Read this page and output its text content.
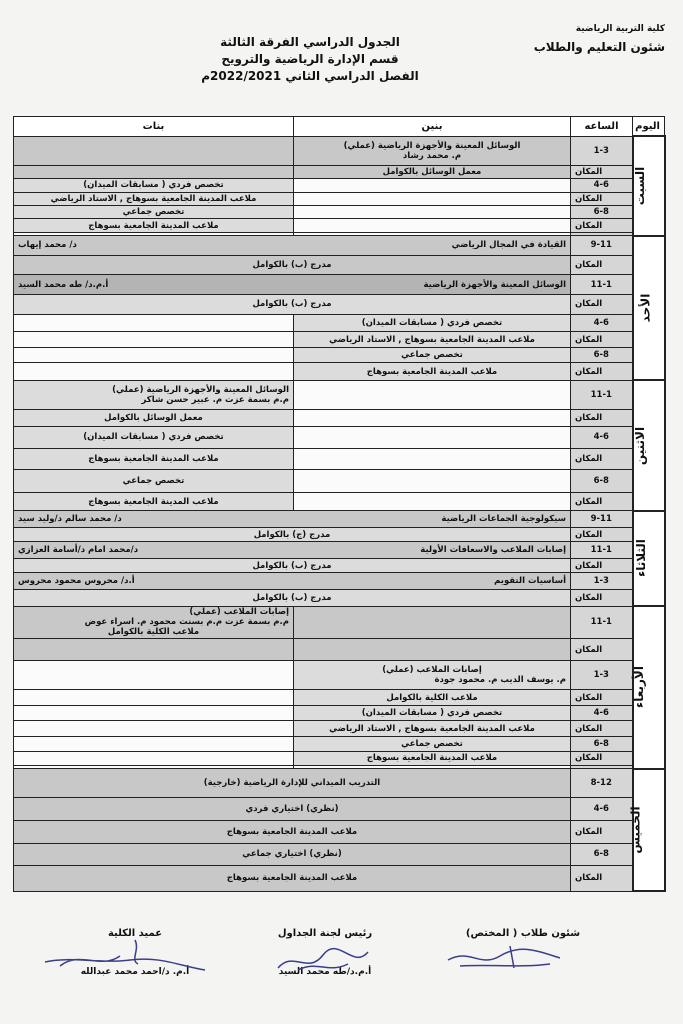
كلية التربية الرياضية
شئون التعليم والطلاب
الجدول الدراسي الفرقة الثالثة
قسم الإدارة الرياضية والترويح
الفصل الدراسي الثاني 2022/2021م
اليوم	الساعه	بنين	بنات
السبت	1-3	الوسائل المعينة والأجهزة الرياضية (عملي)
م. محمد رشاد	

	المكان	معمل الوسائل بالكوامل	
	4-6		تخصص فردي ( مسابقات الميدان)
	المكان		ملاعب المدينة الجامعية بسوهاج , الاستاد الرياضي
	6-8		تخصص جماعي
	المكان		ملاعب المدينة الجامعية بسوهاج

الأحد	9-11	القيادة في المجال الرياضي
د/ محمد إيهاب	

	المكان	مدرج (ب) بالكوامل	
	11-1	الوسائل المعينة والأجهزة الرياضية
أ.م.د/ طه محمد السيد	

	المكان	مدرج (ب) بالكوامل	
	4-6	تخصص فردي ( مسابقات الميدان)	
	المكان	ملاعب المدينة الجامعية بسوهاج , الاستاد الرياضي	
	6-8	تخصص جماعي	
	المكان	ملاعب المدينة الجامعية بسوهاج	
الاثنين	11-1		الوسائل المعينة والأجهزة الرياضية (عملي)
م.م بسمة عزت م. عبير حسن شاكر

	المكان		معمل الوسائل بالكوامل
	4-6		تخصص فردي ( مسابقات الميدان)
	المكان		ملاعب المدينة الجامعية بسوهاج
	6-8		تخصص جماعي
	المكان		ملاعب المدينة الجامعية بسوهاج
الثلاثاء	9-11	سيكولوجية الجماعات الرياضية
د/ محمد سالم د/وليد سيد	

	المكان	مدرج (ج) بالكوامل	
	11-1	إصابات الملاعب والاسعافات الأولية
د/محمد امام د/أسامة العزازي	

	المكان	مدرج (ب) بالكوامل	
	1-3	أساسيات التقويم
أ.د/ محروس محمود محروس	

	المكان	مدرج (ب) بالكوامل	
الأربعاء	11-1		إصابات الملاعب (عملي)
م.م بسمة عزت م.م بسنت محمود م. اسراء عوض
ملاعب الكلية بالكوامل

	المكان		
	1-3	إصابات الملاعب (عملي)
م. يوسف الديب م. محمود جودة	

	المكان	ملاعب الكلية بالكوامل	
	4-6	تخصص فردي ( مسابقات الميدان)	
	المكان	ملاعب المدينة الجامعية بسوهاج , الاستاد الرياضي	
	6-8	تخصص جماعي	
	المكان	ملاعب المدينة الجامعية بسوهاج	

الخميس	8-12	التدريب الميداني للإدارة الرياضية (خارجية)	
	4-6	(نظري) اختياري فردي	
	المكان	ملاعب المدينة الجامعية بسوهاج	
	6-8	(نظري) اختياري جماعي	
	المكان	ملاعب المدينة الجامعية بسوهاج	
شئون طلاب ( المختص)
رئيس لجنة الجداول
أ.م.د/طه محمد السيد
عميد الكلية
أ.م. د/احمد محمد عبدالله
